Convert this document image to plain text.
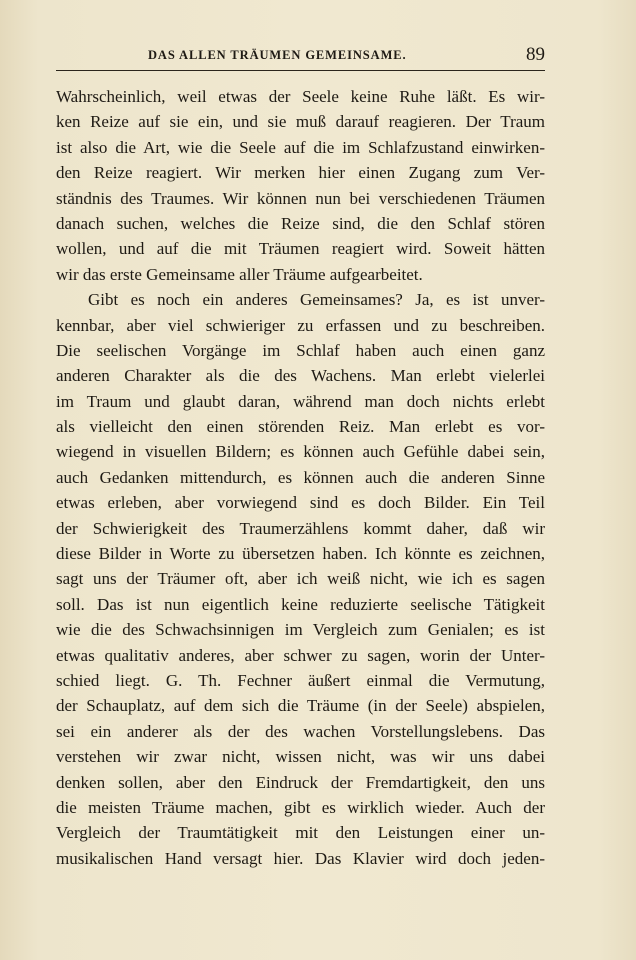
DAS ALLEN TRÄUMEN GEMEINSAME.	89
Wahrscheinlich, weil etwas der Seele keine Ruhe läßt. Es wir-
ken Reize auf sie ein, und sie muß darauf reagieren. Der Traum
ist also die Art, wie die Seele auf die im Schlafzustand einwirken-
den Reize reagiert. Wir merken hier einen Zugang zum Ver-
ständnis des Traumes. Wir können nun bei verschiedenen Träumen
danach suchen, welches die Reize sind, die den Schlaf stören
wollen, und auf die mit Träumen reagiert wird. Soweit hätten
wir das erste Gemeinsame aller Träume aufgearbeitet.
Gibt es noch ein anderes Gemeinsames? Ja, es ist unver-
kennbar, aber viel schwieriger zu erfassen und zu beschreiben.
Die seelischen Vorgänge im Schlaf haben auch einen ganz
anderen Charakter als die des Wachens. Man erlebt vielerlei
im Traum und glaubt daran, während man doch nichts erlebt
als vielleicht den einen störenden Reiz. Man erlebt es vor-
wiegend in visuellen Bildern; es können auch Gefühle dabei sein,
auch Gedanken mittendurch, es können auch die anderen Sinne
etwas erleben, aber vorwiegend sind es doch Bilder. Ein Teil
der Schwierigkeit des Traumerzählens kommt daher, daß wir
diese Bilder in Worte zu übersetzen haben. Ich könnte es zeichnen,
sagt uns der Träumer oft, aber ich weiß nicht, wie ich es sagen
soll. Das ist nun eigentlich keine reduzierte seelische Tätigkeit
wie die des Schwachsinnigen im Vergleich zum Genialen; es ist
etwas qualitativ anderes, aber schwer zu sagen, worin der Unter-
schied liegt. G. Th. Fechner äußert einmal die Vermutung,
der Schauplatz, auf dem sich die Träume (in der Seele) abspielen,
sei ein anderer als der des wachen Vorstellungslebens. Das
verstehen wir zwar nicht, wissen nicht, was wir uns dabei
denken sollen, aber den Eindruck der Fremdartigkeit, den uns
die meisten Träume machen, gibt es wirklich wieder. Auch der
Vergleich der Traumtätigkeit mit den Leistungen einer un-
musikalischen Hand versagt hier. Das Klavier wird doch jeden-
